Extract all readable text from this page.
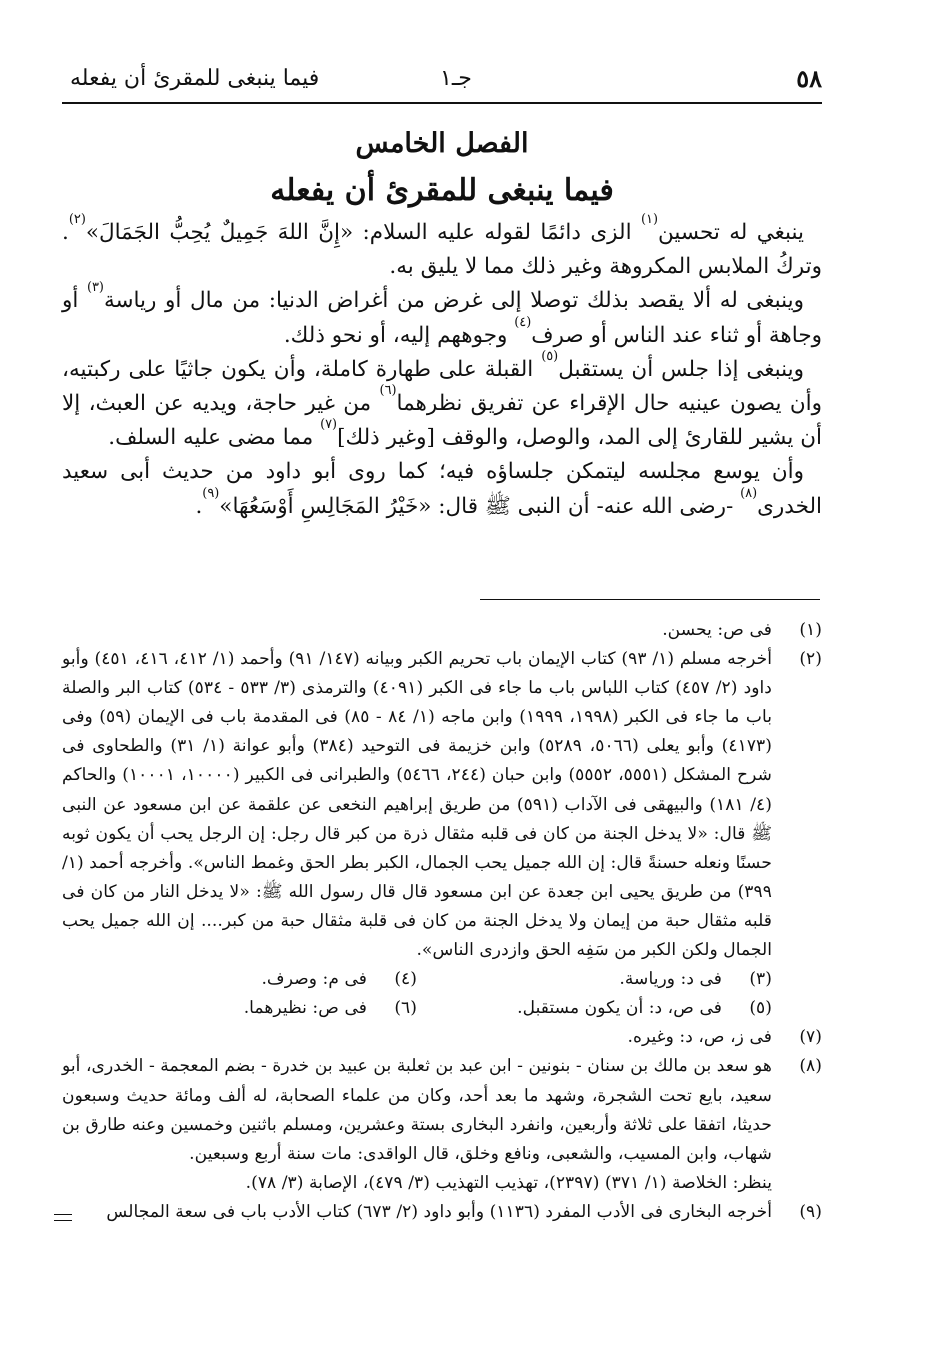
٥٨
جـ١
فيما ينبغى للمقرئ أن يفعله
الفصل الخامس
فيما ينبغى للمقرئ أن يفعله

ينبغي له تحسين$^{(١)}$ الزى دائمًا لقوله عليه السلام: «إِنَّ اللهَ جَمِيلٌ يُحِبُّ الجَمَالَ»$^{(٢)}$. وتركُ الملابس المكروهة وغير ذلك مما لا يليق به.

وينبغى له ألا يقصد بذلك توصلا إلى غرض من أغراض الدنيا: من مال أو رياسة$^{(٣)}$ أو وجاهة أو ثناء عند الناس أو صرف$^{(٤)}$ وجوههم إليه، أو نحو ذلك.

وينبغى إذا جلس أن يستقبل$^{(٥)}$ القبلة على طهارة كاملة، وأن يكون جاثيًا على ركبتيه، وأن يصون عينيه حال الإقراء عن تفريق نظرهما$^{(٦)}$ من غير حاجة، ويديه عن العبث، إلا أن يشير للقارئ إلى المد، والوصل، والوقف [وغير ذلك]$^{(٧)}$ مما مضى عليه السلف.

وأن يوسع مجلسه ليتمكن جلساؤه فيه؛ كما روى أبو داود من حديث أبى سعيد الخدرى$^{(٨)}$ -رضى الله عنه- أن النبى ﷺ قال: «خَيْرُ المَجَالِسِ أَوْسَعُهَا»$^{(٩)}$.

(١)
فى ص: يحسن.
(٢)
أخرجه مسلم (١/ ٩٣) كتاب الإيمان باب تحريم الكبر وبيانه (١٤٧/ ٩١) وأحمد (١/ ٤١٢، ٤١٦، ٤٥١) وأبو داود (٢/ ٤٥٧) كتاب اللباس باب ما جاء فى الكبر (٤٠٩١) والترمذى (٣/ ٥٣٣ - ٥٣٤) كتاب البر والصلة باب ما جاء فى الكبر (١٩٩٨، ١٩٩٩) وابن ماجه (١/ ٨٤ - ٨٥) فى المقدمة باب فى الإيمان (٥٩) وفى (٤١٧٣) وأبو يعلى (٥٠٦٦، ٥٢٨٩) وابن خزيمة فى التوحيد (٣٨٤) وأبو عوانة (١/ ٣١) والطحاوى فى شرح المشكل (٥٥٥١، ٥٥٥٢) وابن حبان (٢٤٤، ٥٤٦٦) والطبرانى فى الكبير (١٠٠٠٠، ١٠٠٠١) والحاكم (٤/ ١٨١) والبيهقى فى الآداب (٥٩١) من طريق إبراهيم النخعى عن علقمة عن ابن مسعود عن النبى ﷺ قال: «لا يدخل الجنة من كان فى قلبه مثقال ذرة من كبر قال رجل: إن الرجل يحب أن يكون ثوبه حسنًا ونعله حسنةً قال: إن الله جميل يحب الجمال، الكبر بطر الحق وغمط الناس». وأخرجه أحمد (١/ ٣٩٩) من طريق يحيى ابن جعدة عن ابن مسعود قال قال رسول الله ﷺ: «لا يدخل النار من كان فى قلبه مثقال حبة من إيمان ولا يدخل الجنة من كان فى قلبة مثقال حبة من كبر.... إن الله جميل يحب الجمال ولكن الكبر من سَفِه الحق وازدرى الناس».
(٣)
فى د: ورياسة.
(٤)
فى م: وصرف.
(٥)
فى ص، د: أن يكون مستقبل.
(٦)
فى ص: نظيرهما.
(٧)
فى ز، ص، د: وغيره.
(٨)
هو سعد بن مالك بن سنان - بنونين - ابن عبد بن ثعلبة بن عبيد بن خدرة - بضم المعجمة - الخدرى، أبو سعيد، بايع تحت الشجرة، وشهد ما بعد أحد، وكان من علماء الصحابة، له ألف ومائة حديث وسبعون حديثا، اتفقا على ثلاثة وأربعين، وانفرد البخارى بستة وعشرين، ومسلم باثنين وخمسين وعنه طارق بن شهاب، وابن المسيب، والشعبى، ونافع وخلق، قال الواقدى: مات سنة أربع وسبعين.
ينظر: الخلاصة (١/ ٣٧١) (٢٣٩٧)، تهذيب التهذيب (٣/ ٤٧٩)، الإصابة (٣/ ٧٨).
(٩)
أخرجه البخارى فى الأدب المفرد (١١٣٦) وأبو داود (٢/ ٦٧٣) كتاب الأدب باب فى سعة المجالس
